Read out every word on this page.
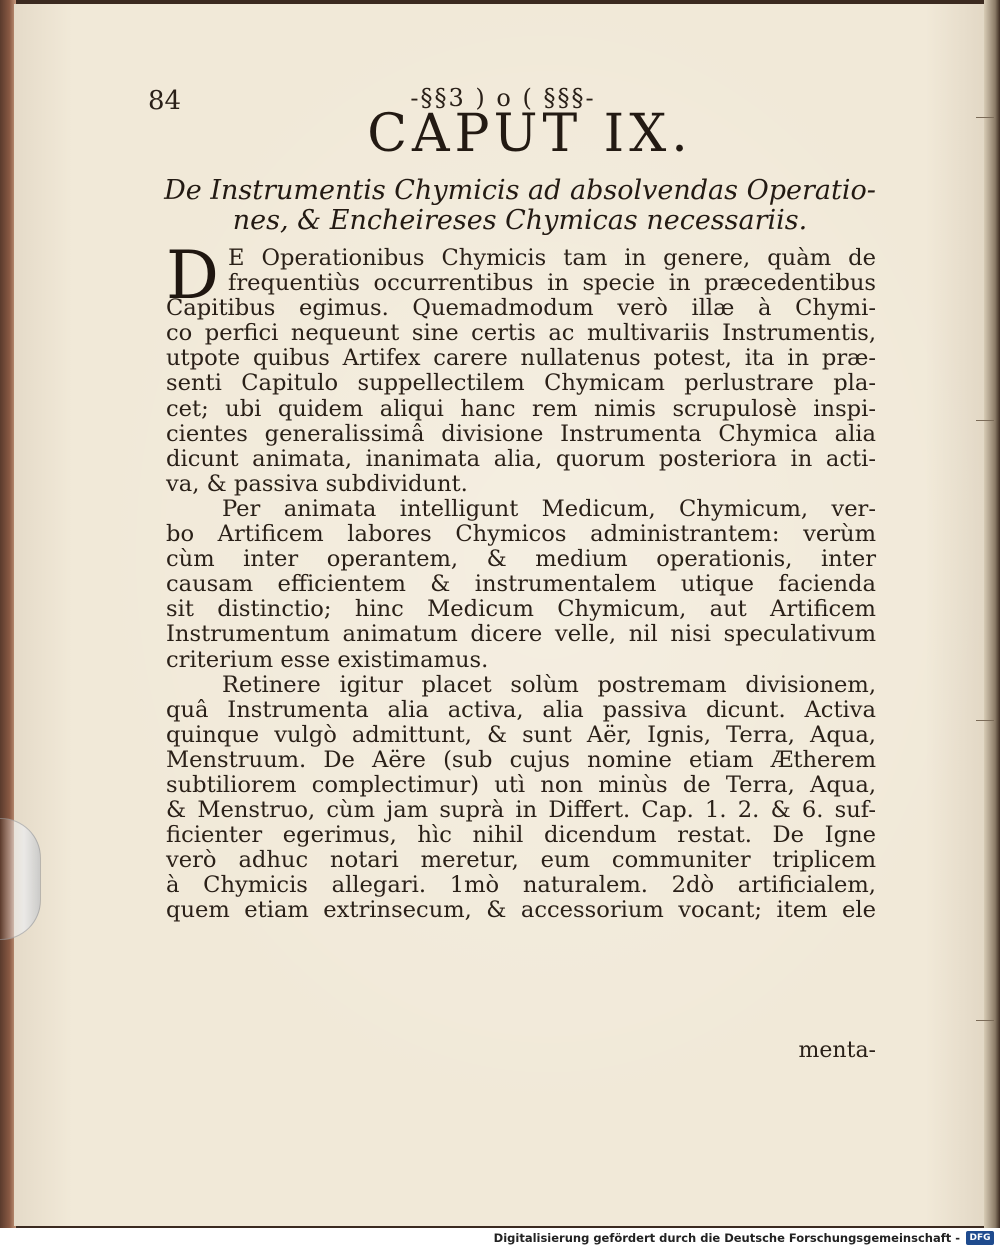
84	-§§3 ) o ( §§§-
CAPUT IX.
De Instrumentis Chymicis ad absolvendas Operatio-
nes, & Encheireses Chymicas necessariis.
D E Operationibus Chymicis tam in genere, quàm de
frequentiùs occurrentibus in specie in præcedentibus
Capitibus egimus. Quemadmodum verò illæ à Chymi-
co perfici nequeunt sine certis ac multivariis Instrumentis,
utpote quibus Artifex carere nullatenus potest, ita in præ-
senti Capitulo suppellectilem Chymicam perlustrare pla-
cet; ubi quidem aliqui hanc rem nimis scrupulosè inspi-
cientes generalissimâ divisione Instrumenta Chymica alia
dicunt animata, inanimata alia, quorum posteriora in acti-
va, & passiva subdividunt.
Per animata intelligunt Medicum, Chymicum, ver-
bo Artificem labores Chymicos administrantem: verùm
cùm inter operantem, & medium operationis, inter
causam efficientem & instrumentalem utique facienda
sit distinctio; hinc Medicum Chymicum, aut Artificem
Instrumentum animatum dicere velle, nil nisi speculativum
criterium esse existimamus.
Retinere igitur placet solùm postremam divisionem,
quâ Instrumenta alia activa, alia passiva dicunt. Activa
quinque vulgò admittunt, & sunt Aër, Ignis, Terra, Aqua,
Menstruum. De Aëre (sub cujus nomine etiam Ætherem
subtiliorem complectimur) utì non minùs de Terra, Aqua,
& Menstruo, cùm jam suprà in Differt. Cap. 1. 2. & 6. suf-
ficienter egerimus, hìc nihil dicendum restat. De Igne
verò adhuc notari meretur, eum communiter triplicem
à Chymicis allegari. 1mò naturalem. 2dò artificialem,
quem etiam extrinsecum, & accessorium vocant; item ele
menta-
Digitalisierung gefördert durch die Deutsche Forschungsgemeinschaft -	DFG
